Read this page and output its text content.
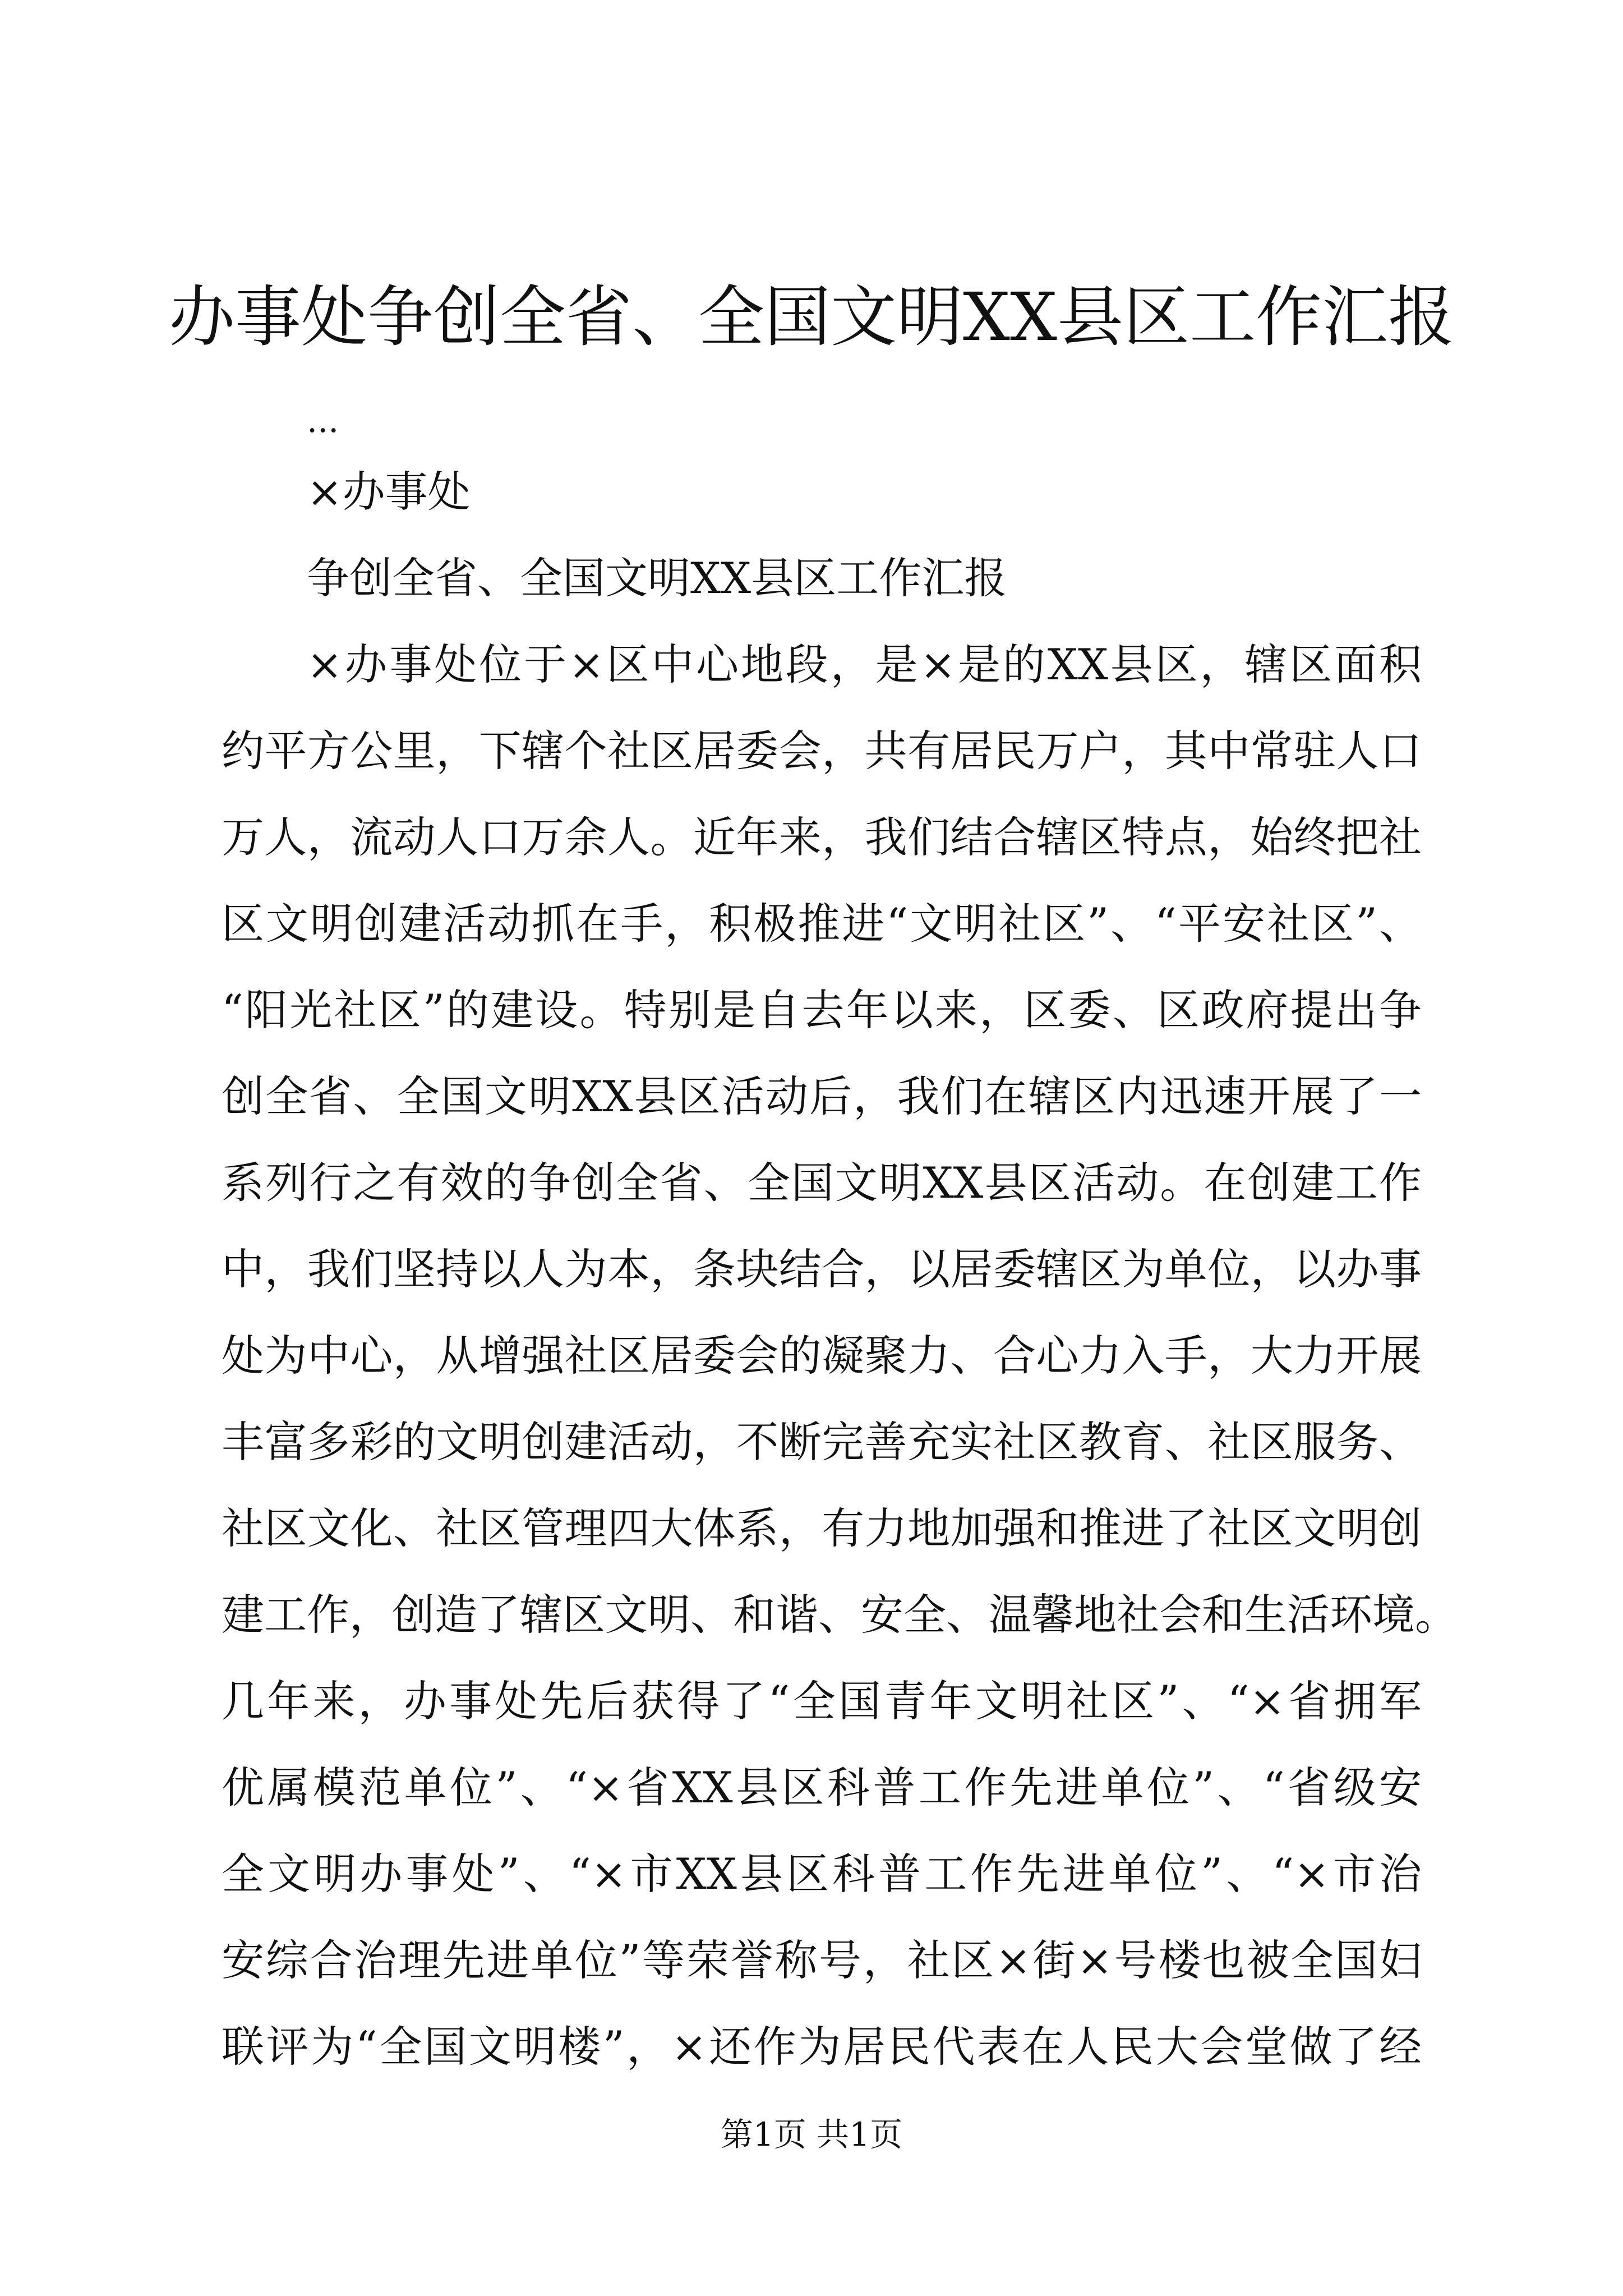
办事处争创全省、全国文明XX县区工作汇报
...
×办事处
争创全省、全国文明XX县区工作汇报
×办事处位于×区中心地段，是×是的XX县区，辖区面积
约平方公里，下辖个社区居委会，共有居民万户，其中常驻人口
万人，流动人口万余人。近年来，我们结合辖区特点，始终把社
区文明创建活动抓在手，积极推进“文明社区”、“平安社区”、
“阳光社区”的建设。特别是自去年以来，区委、区政府提出争
创全省、全国文明XX县区活动后，我们在辖区内迅速开展了一
系列行之有效的争创全省、全国文明XX县区活动。在创建工作
中，我们坚持以人为本，条块结合，以居委辖区为单位，以办事
处为中心，从增强社区居委会的凝聚力、合心力入手，大力开展
丰富多彩的文明创建活动，不断完善充实社区教育、社区服务、
社区文化、社区管理四大体系，有力地加强和推进了社区文明创
建工作，创造了辖区文明、和谐、安全、温馨地社会和生活环境。
几年来，办事处先后获得了“全国青年文明社区”、“×省拥军
优属模范单位”、“×省XX县区科普工作先进单位”、“省级安
全文明办事处”、“×市XX县区科普工作先进单位”、“×市治
安综合治理先进单位”等荣誉称号，社区×街×号楼也被全国妇
联评为“全国文明楼”，×还作为居民代表在人民大会堂做了经
第1页 共1页
